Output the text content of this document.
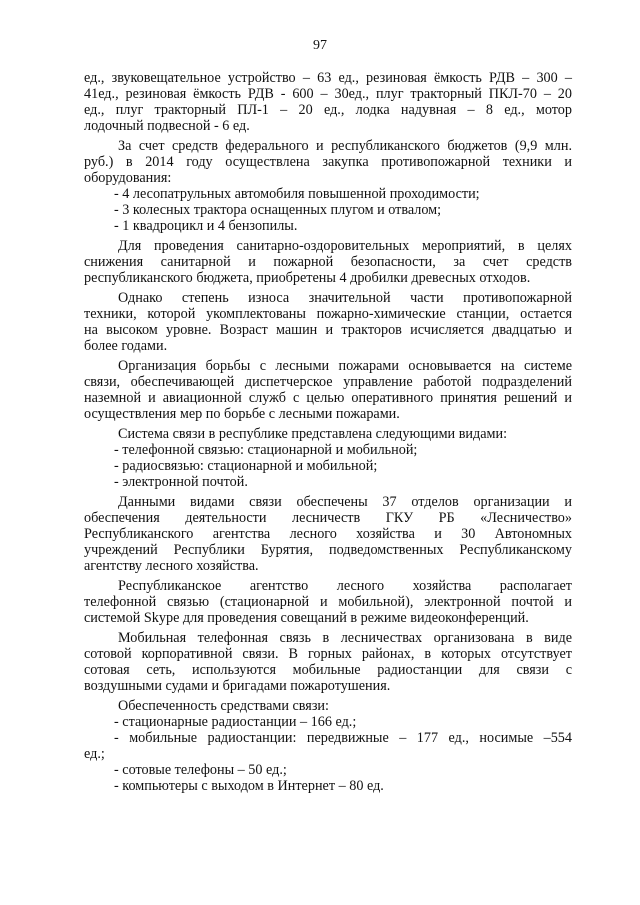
97
ед., звуковещательное устройство – 63 ед., резиновая ёмкость РДВ – 300 –
41ед., резиновая ёмкость РДВ - 600 – 30ед., плуг тракторный ПКЛ-70 – 20
ед., плуг тракторный ПЛ-1 – 20 ед., лодка надувная – 8 ед., мотор
лодочный подвесной - 6 ед.
За счет средств федерального и республиканского бюджетов (9,9 млн.
руб.) в 2014 году осуществлена закупка противопожарной техники и
оборудования:
- 4 лесопатрульных автомобиля повышенной проходимости;
- 3 колесных трактора оснащенных плугом и отвалом;
- 1 квадроцикл и 4 бензопилы.
Для проведения санитарно-оздоровительных мероприятий, в целях
снижения санитарной и пожарной безопасности, за счет средств
республиканского бюджета, приобретены 4 дробилки древесных отходов.
Однако степень износа значительной части противопожарной
техники, которой укомплектованы пожарно-химические станции, остается
на высоком уровне. Возраст машин и тракторов исчисляется двадцатью и
более годами.
Организация борьбы с лесными пожарами основывается на системе
связи, обеспечивающей диспетчерское управление работой подразделений
наземной и авиационной служб с целью оперативного принятия решений и
осуществления мер по борьбе с лесными пожарами.
Система связи в республике представлена следующими видами:
- телефонной связью: стационарной и мобильной;
- радиосвязью: стационарной и мобильной;
- электронной почтой.
Данными видами связи обеспечены 37 отделов организации и
обеспечения деятельности лесничеств ГКУ РБ «Лесничество»
Республиканского агентства лесного хозяйства и 30 Автономных
учреждений Республики Бурятия, подведомственных Республиканскому
агентству лесного хозяйства.
Республиканское агентство лесного хозяйства располагает
телефонной связью (стационарной и мобильной), электронной почтой и
системой Skype для проведения совещаний в режиме видеоконференций.
Мобильная телефонная связь в лесничествах организована в виде
сотовой корпоративной связи. В горных районах, в которых отсутствует
сотовая сеть, используются мобильные радиостанции для связи с
воздушными судами и бригадами пожаротушения.
Обеспеченность средствами связи:
- стационарные радиостанции – 166 ед.;
- мобильные радиостанции: передвижные – 177 ед., носимые –554
ед.;
- сотовые телефоны – 50 ед.;
- компьютеры с выходом в Интернет – 80 ед.
